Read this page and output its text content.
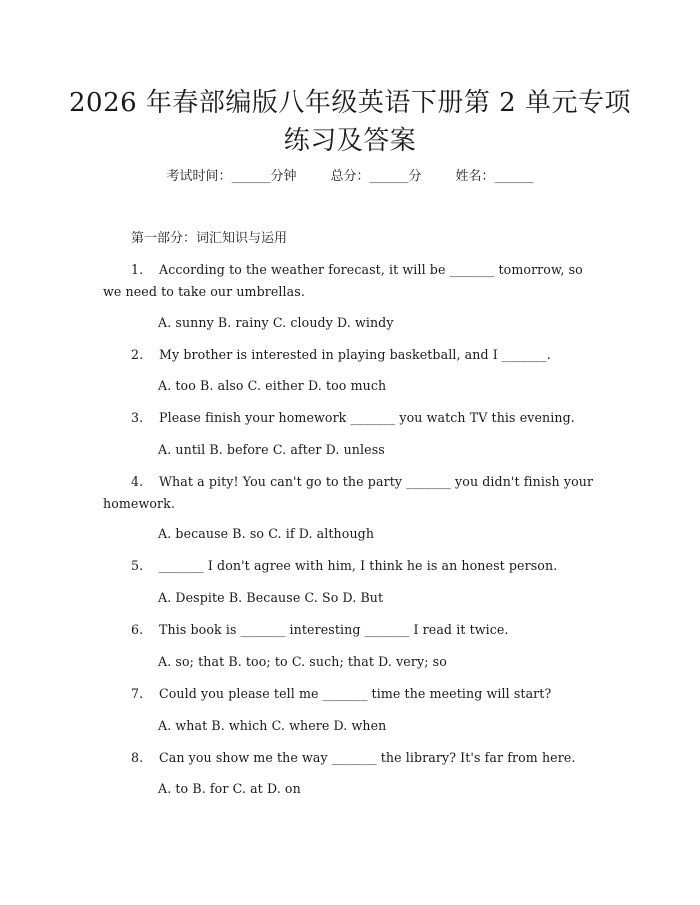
2026 年春部编版八年级英语下册第 2 单元专项练习及答案
考试时间：______分钟	总分：______分	姓名：______
第一部分：词汇知识与运用
1. According to the weather forecast, it will be _______ tomorrow, so we need to take our umbrellas.
A. sunny B. rainy C. cloudy D. windy
2. My brother is interested in playing basketball, and I _______.
A. too B. also C. either D. too much
3. Please finish your homework _______ you watch TV this evening.
A. until B. before C. after D. unless
4. What a pity! You can't go to the party _______ you didn't finish your homework.
A. because B. so C. if D. although
5. _______ I don't agree with him, I think he is an honest person.
A. Despite B. Because C. So D. But
6. This book is _______ interesting _______ I read it twice.
A. so; that B. too; to C. such; that D. very; so
7. Could you please tell me _______ time the meeting will start?
A. what B. which C. where D. when
8. Can you show me the way _______ the library? It's far from here.
A. to B. for C. at D. on
